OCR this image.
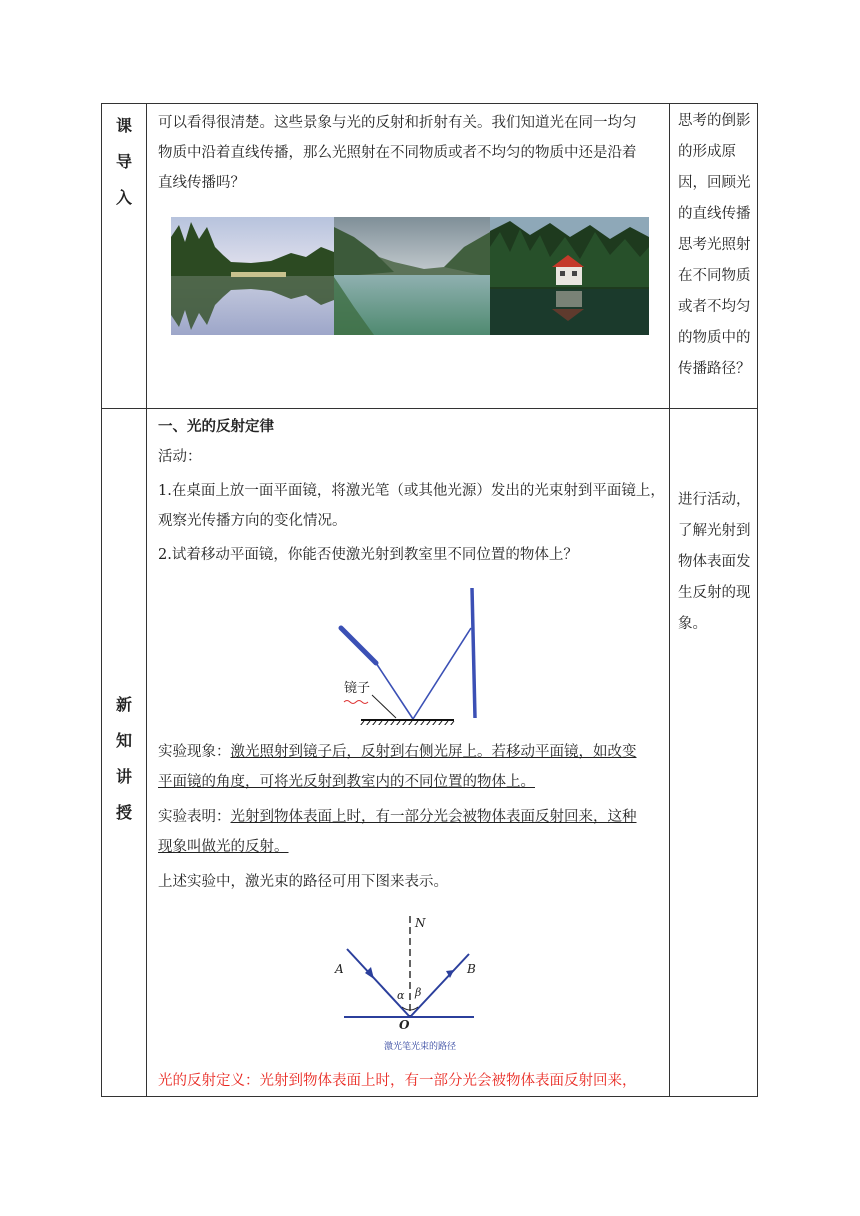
课
导
入

可以看得很清楚。这些景象与光的反射和折射有关。我们知道光在同一均匀

物质中沿着直线传播，那么光照射在不同物质或者不均匀的物质中还是沿着

直线传播吗？

思考的倒影
的形成原
因，回顾光
的直线传播
思考光照射
在不同物质
或者不均匀
的物质中的
传播路径？
新
知
讲
授

一、光的反射定律

活动：

1.在桌面上放一面平面镜，将激光笔（或其他光源）发出的光束射到平面镜上，

观察光传播方向的变化情况。

2.试着移动平面镜，你能否使激光射到教室里不同位置的物体上？

镜子

实验现象：激光照射到镜子后，反射到右侧光屏上。若移动平面镜，如改变

平面镜的角度，可将光反射到教室内的不同位置的物体上。

实验表明：光射到物体表面上时，有一部分光会被物体表面反射回来，这种

现象叫做光的反射。

上述实验中，激光束的路径可用下图来表示。

N
A	B
α β
O
激光笔光束的路径
光的反射定义：光射到物体表面上时，有一部分光会被物体表面反射回来，
进行活动，
了解光射到
物体表面发
生反射的现
象。
